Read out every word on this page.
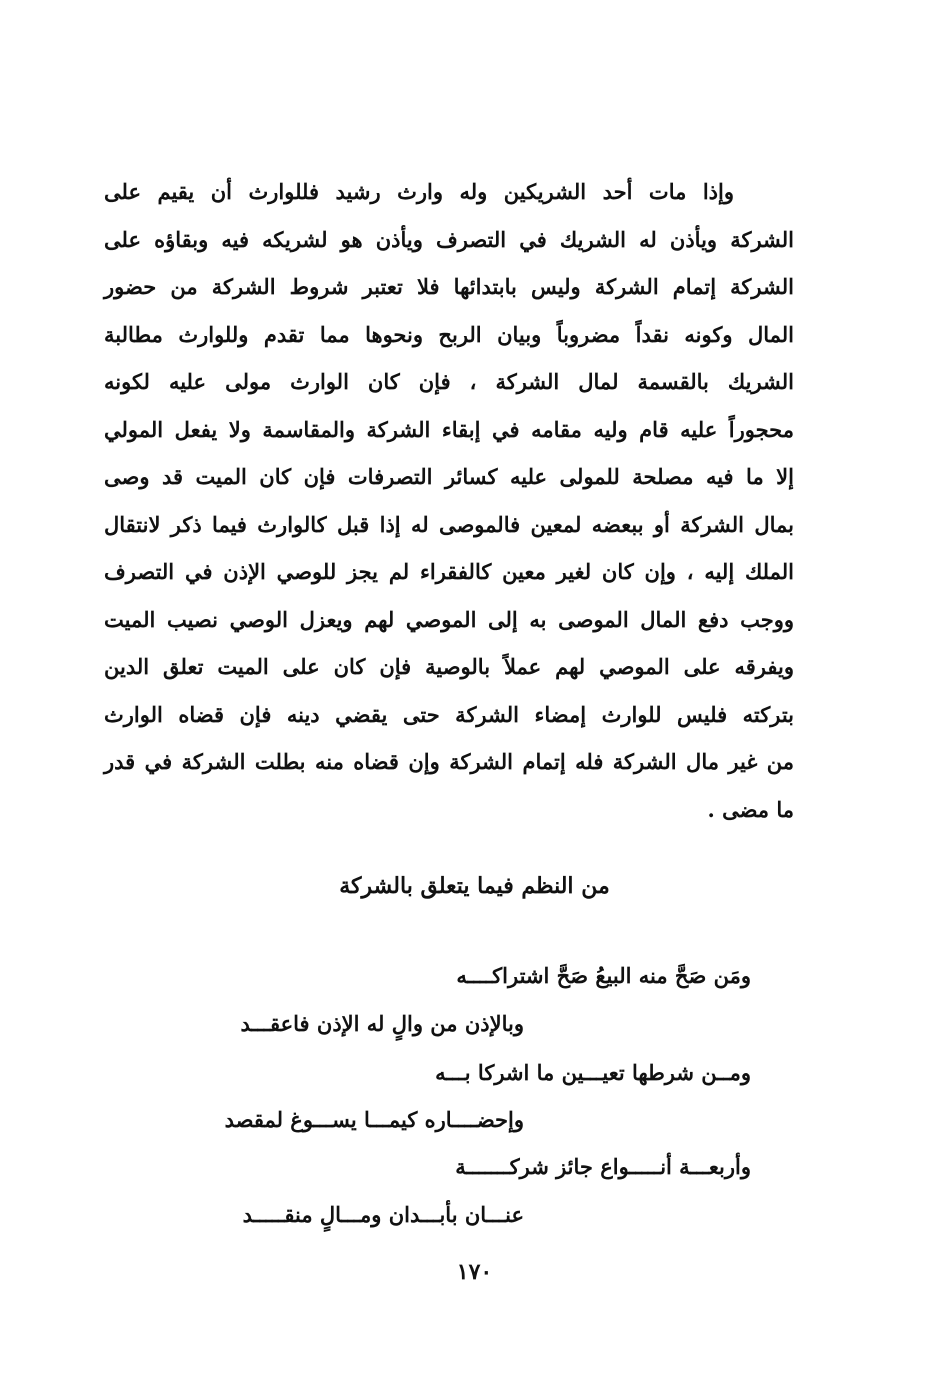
وإذا مات أحد الشريكين وله وارث رشيد فللوارث أن يقيم على
الشركة ويأذن له الشريك في التصرف ويأذن هو لشريكه فيه وبقاؤه على
الشركة إتمام الشركة وليس بابتدائها فلا تعتبر شروط الشركة من حضور
المال وكونه نقداً مضروباً وبيان الربح ونحوها مما تقدم وللوارث مطالبة
الشريك بالقسمة لمال الشركة ، فإن كان الوارث مولى عليه لكونه
محجوراً عليه قام وليه مقامه في إبقاء الشركة والمقاسمة ولا يفعل المولي
إلا ما فيه مصلحة للمولى عليه كسائر التصرفات فإن كان الميت قد وصى
بمال الشركة أو ببعضه لمعين فالموصى له إذا قبل كالوارث فيما ذكر لانتقال
الملك إليه ، وإن كان لغير معين كالفقراء لم يجز للوصي الإذن في التصرف
ووجب دفع المال الموصى به إلى الموصي لهم ويعزل الوصي نصيب الميت
ويفرقه على الموصي لهم عملاً بالوصية فإن كان على الميت تعلق الدين
بتركته فليس للوارث إمضاء الشركة حتى يقضي دينه فإن قضاه الوارث
من غير مال الشركة فله إتمام الشركة وإن قضاه منه بطلت الشركة في قدر
ما مضى .
من النظم فيما يتعلق بالشركة
ومَن صَحَّ منه البيعُ صَحَّ اشتراكــــه
وبالإذن من والٍ له الإذن فاعقـــد
ومــن شرطها تعيـــين ما اشركا بـــه
وإحضــــاره كيمـــا يســـوغ لمقصد
وأربعـــة أنـــــواع جائز شركـــــــة
عنـــان بأبـــدان ومـــالٍ منقـــــد
١٧٠
